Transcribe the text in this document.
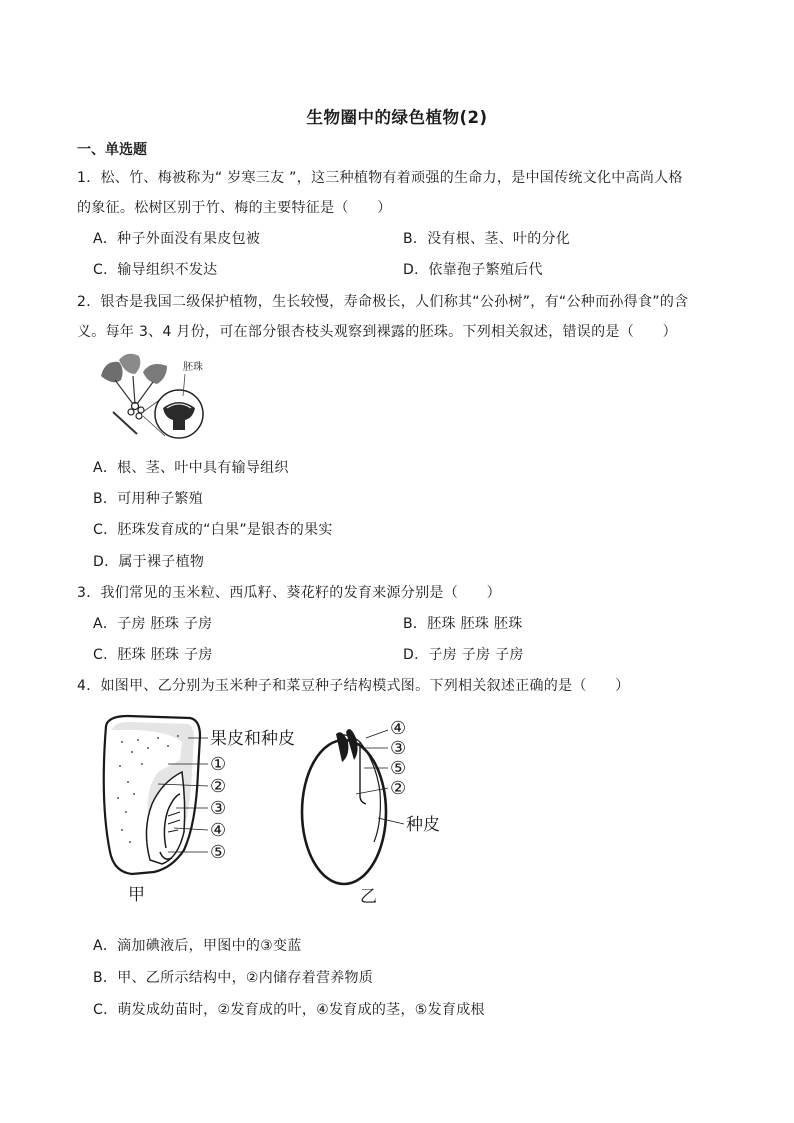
生物圈中的绿色植物(2)
一、单选题
1．松、竹、梅被称为“ 岁寒三友 ”，这三种植物有着顽强的生命力，是中国传统文化中高尚人格
的象征。松树区别于竹、梅的主要特征是（　　）
A．种子外面没有果皮包被	B．没有根、茎、叶的分化
C．输导组织不发达	D．依靠孢子繁殖后代
2．银杏是我国二级保护植物，生长较慢，寿命极长，人们称其“公孙树”，有“公种而孙得食”的含
义。每年 3、4 月份，可在部分银杏枝头观察到裸露的胚珠。下列相关叙述，错误的是（　　）
胚珠
A．根、茎、叶中具有输导组织
B．可用种子繁殖
C．胚珠发育成的“白果”是银杏的果实
D．属于裸子植物
3．我们常见的玉米粒、西瓜籽、葵花籽的发育来源分别是（　　）
A．子房 胚珠 子房	B．胚珠 胚珠 胚珠
C．胚珠 胚珠 子房	D．子房 子房 子房
4．如图甲、乙分别为玉米种子和菜豆种子结构模式图。下列相关叙述正确的是（　　）
果皮和种皮
①
②
③
④
⑤
甲
④
③
⑤
②
种皮
乙
A．滴加碘液后，甲图中的③变蓝
B．甲、乙所示结构中，②内储存着营养物质
C．萌发成幼苗时，②发育成的叶，④发育成的茎，⑤发育成根
